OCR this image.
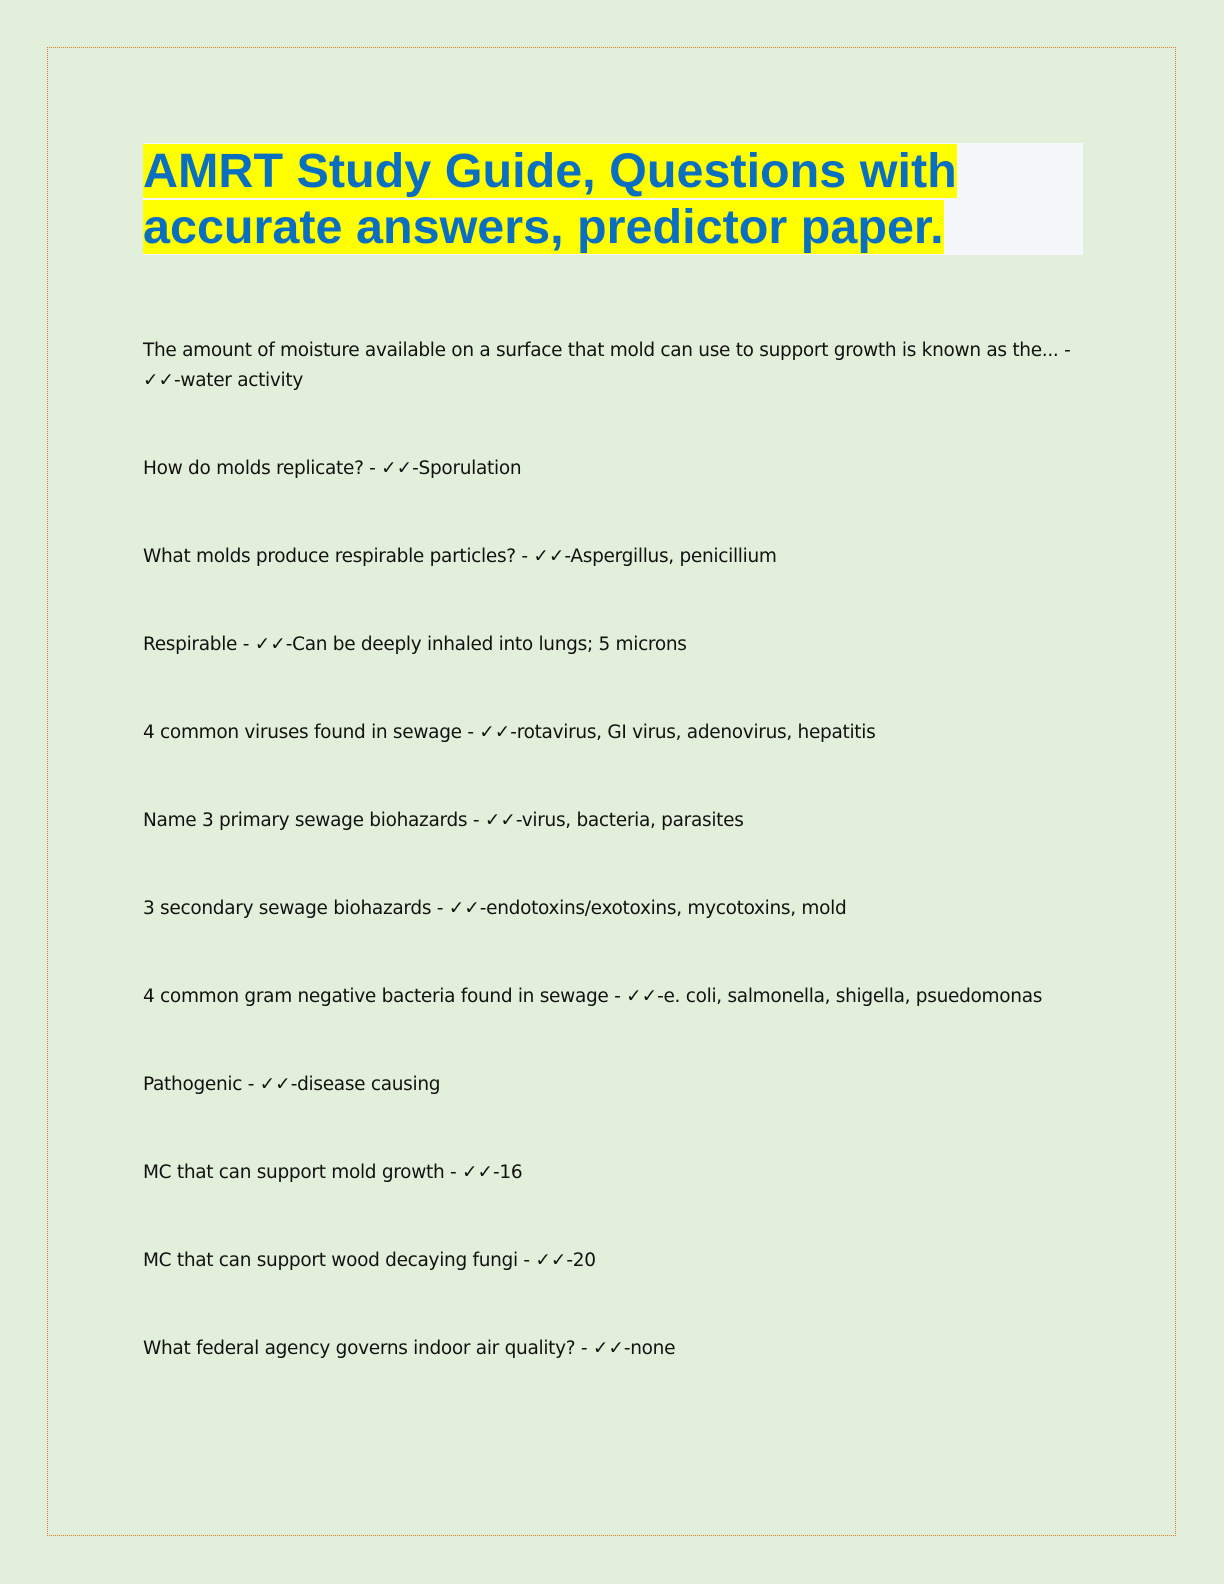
AMRT Study Guide, Questions with accurate answers, predictor paper.
The amount of moisture available on a surface that mold can use to support growth is known as the... - ✓✓-water activity
How do molds replicate? - ✓✓-Sporulation
What molds produce respirable particles? - ✓✓-Aspergillus, penicillium
Respirable - ✓✓-Can be deeply inhaled into lungs; 5 microns
4 common viruses found in sewage - ✓✓-rotavirus, GI virus, adenovirus, hepatitis
Name 3 primary sewage biohazards - ✓✓-virus, bacteria, parasites
3 secondary sewage biohazards - ✓✓-endotoxins/exotoxins, mycotoxins, mold
4 common gram negative bacteria found in sewage - ✓✓-e. coli, salmonella, shigella, psuedomonas
Pathogenic - ✓✓-disease causing
MC that can support mold growth - ✓✓-16
MC that can support wood decaying fungi - ✓✓-20
What federal agency governs indoor air quality? - ✓✓-none
